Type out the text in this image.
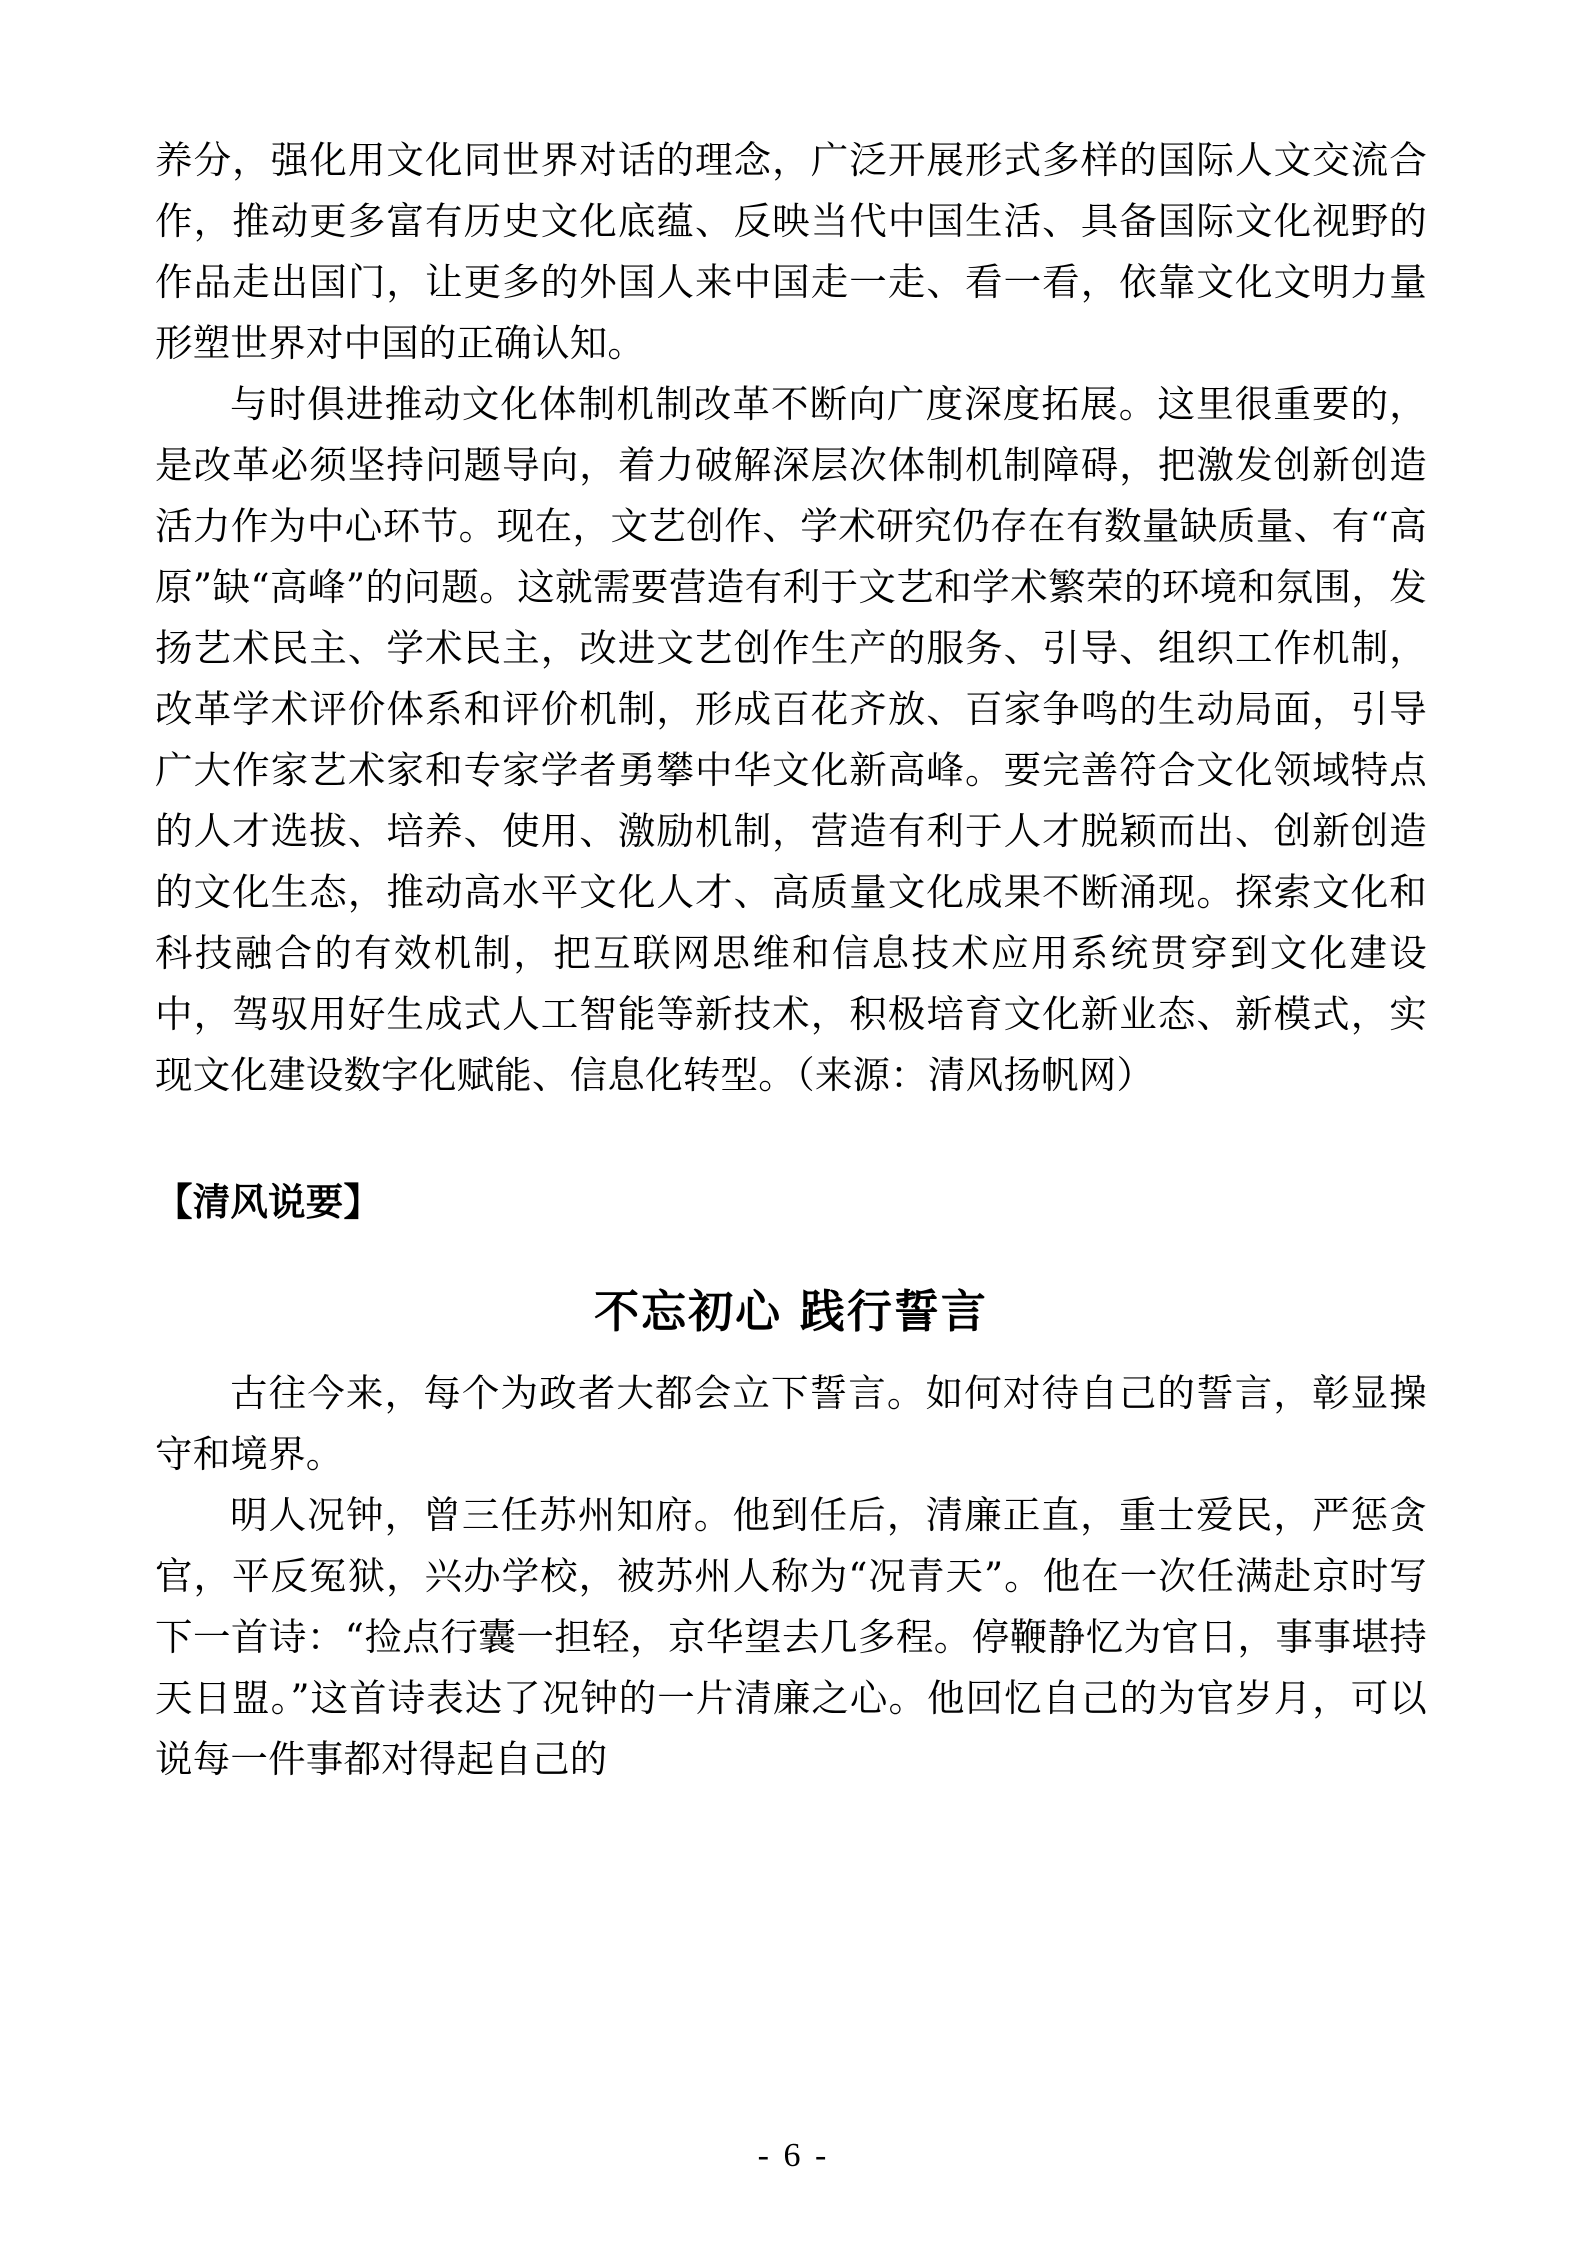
养分，强化用文化同世界对话的理念，广泛开展形式多样的国际人文交流合作，推动更多富有历史文化底蕴、反映当代中国生活、具备国际文化视野的作品走出国门，让更多的外国人来中国走一走、看一看，依靠文化文明力量形塑世界对中国的正确认知。

与时俱进推动文化体制机制改革不断向广度深度拓展。这里很重要的，是改革必须坚持问题导向，着力破解深层次体制机制障碍，把激发创新创造活力作为中心环节。现在，文艺创作、学术研究仍存在有数量缺质量、有“高原”缺“高峰”的问题。这就需要营造有利于文艺和学术繁荣的环境和氛围，发扬艺术民主、学术民主，改进文艺创作生产的服务、引导、组织工作机制，改革学术评价体系和评价机制，形成百花齐放、百家争鸣的生动局面，引导广大作家艺术家和专家学者勇攀中华文化新高峰。要完善符合文化领域特点的人才选拔、培养、使用、激励机制，营造有利于人才脱颖而出、创新创造的文化生态，推动高水平文化人才、高质量文化成果不断涌现。探索文化和科技融合的有效机制，把互联网思维和信息技术应用系统贯穿到文化建设中，驾驭用好生成式人工智能等新技术，积极培育文化新业态、新模式，实现文化建设数字化赋能、信息化转型。（来源：清风扬帆网）

【清风说要】

不忘初心 践行誓言

古往今来，每个为政者大都会立下誓言。如何对待自己的誓言，彰显操守和境界。

明人况钟，曾三任苏州知府。他到任后，清廉正直，重士爱民，严惩贪官，平反冤狱，兴办学校，被苏州人称为“况青天”。他在一次任满赴京时写下一首诗：“捡点行囊一担轻，京华望去几多程。停鞭静忆为官日，事事堪持天日盟。”这首诗表达了况钟的一片清廉之心。他回忆自己的为官岁月，可以说每一件事都对得起自己的

- 6 -
